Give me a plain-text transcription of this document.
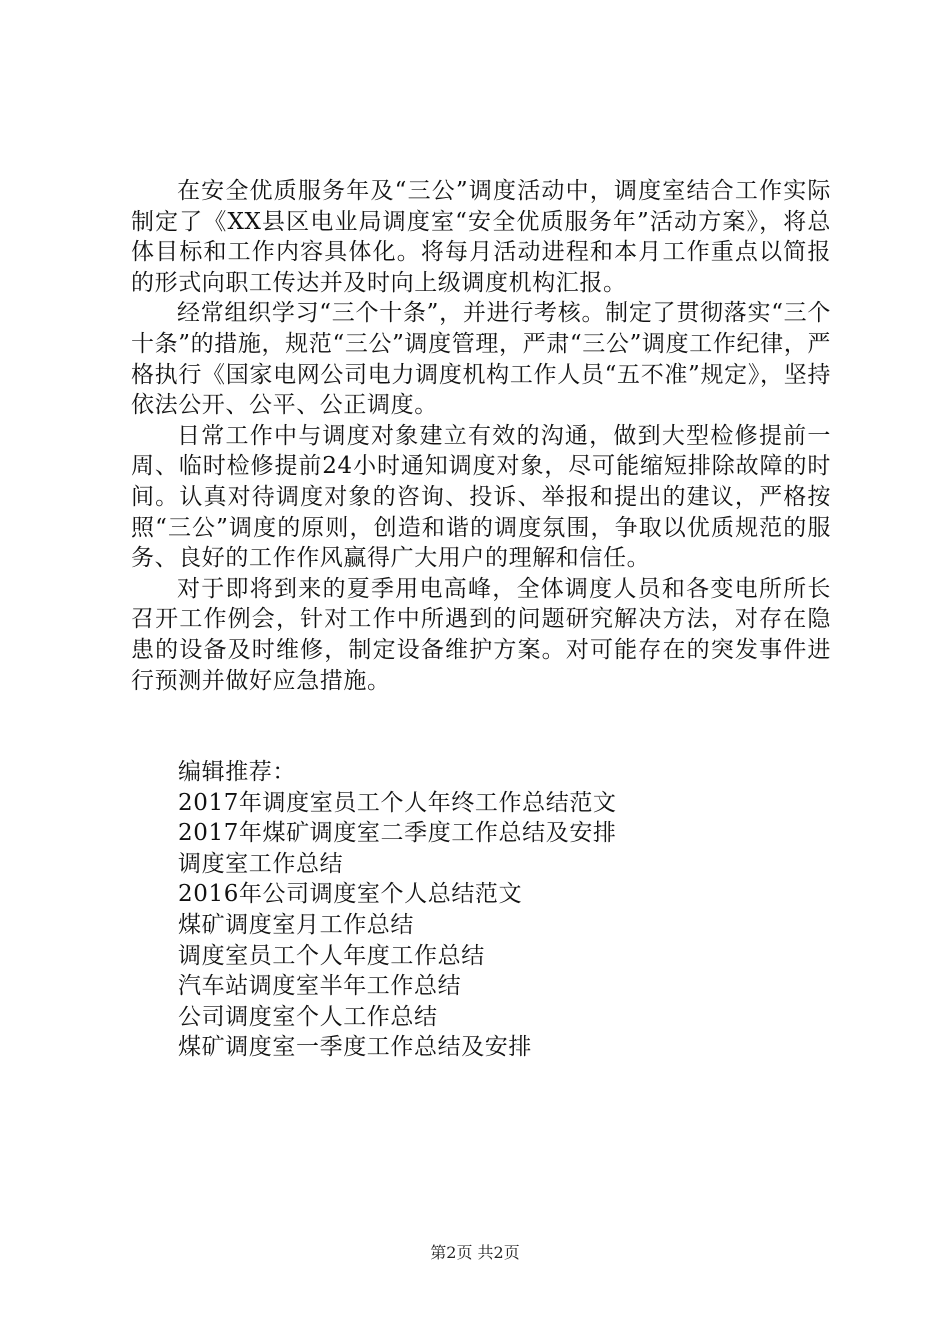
在安全优质服务年及“三公”调度活动中，调度室结合工作实际制定了《XX县区电业局调度室“安全优质服务年”活动方案》，将总体目标和工作内容具体化。将每月活动进程和本月工作重点以简报的形式向职工传达并及时向上级调度机构汇报。

经常组织学习“三个十条”，并进行考核。制定了贯彻落实“三个十条”的措施，规范“三公”调度管理，严肃“三公”调度工作纪律，严格执行《国家电网公司电力调度机构工作人员“五不准”规定》，坚持依法公开、公平、公正调度。

日常工作中与调度对象建立有效的沟通，做到大型检修提前一周、临时检修提前24小时通知调度对象，尽可能缩短排除故障的时间。认真对待调度对象的咨询、投诉、举报和提出的建议，严格按照“三公”调度的原则，创造和谐的调度氛围，争取以优质规范的服务、良好的工作作风赢得广大用户的理解和信任。

对于即将到来的夏季用电高峰，全体调度人员和各变电所所长召开工作例会，针对工作中所遇到的问题研究解决方法，对存在隐患的设备及时维修，制定设备维护方案。对可能存在的突发事件进行预测并做好应急措施。

编辑推荐：
2017年调度室员工个人年终工作总结范文
2017年煤矿调度室二季度工作总结及安排
调度室工作总结
2016年公司调度室个人总结范文
煤矿调度室月工作总结
调度室员工个人年度工作总结
汽车站调度室半年工作总结
公司调度室个人工作总结
煤矿调度室一季度工作总结及安排
第2页 共2页
